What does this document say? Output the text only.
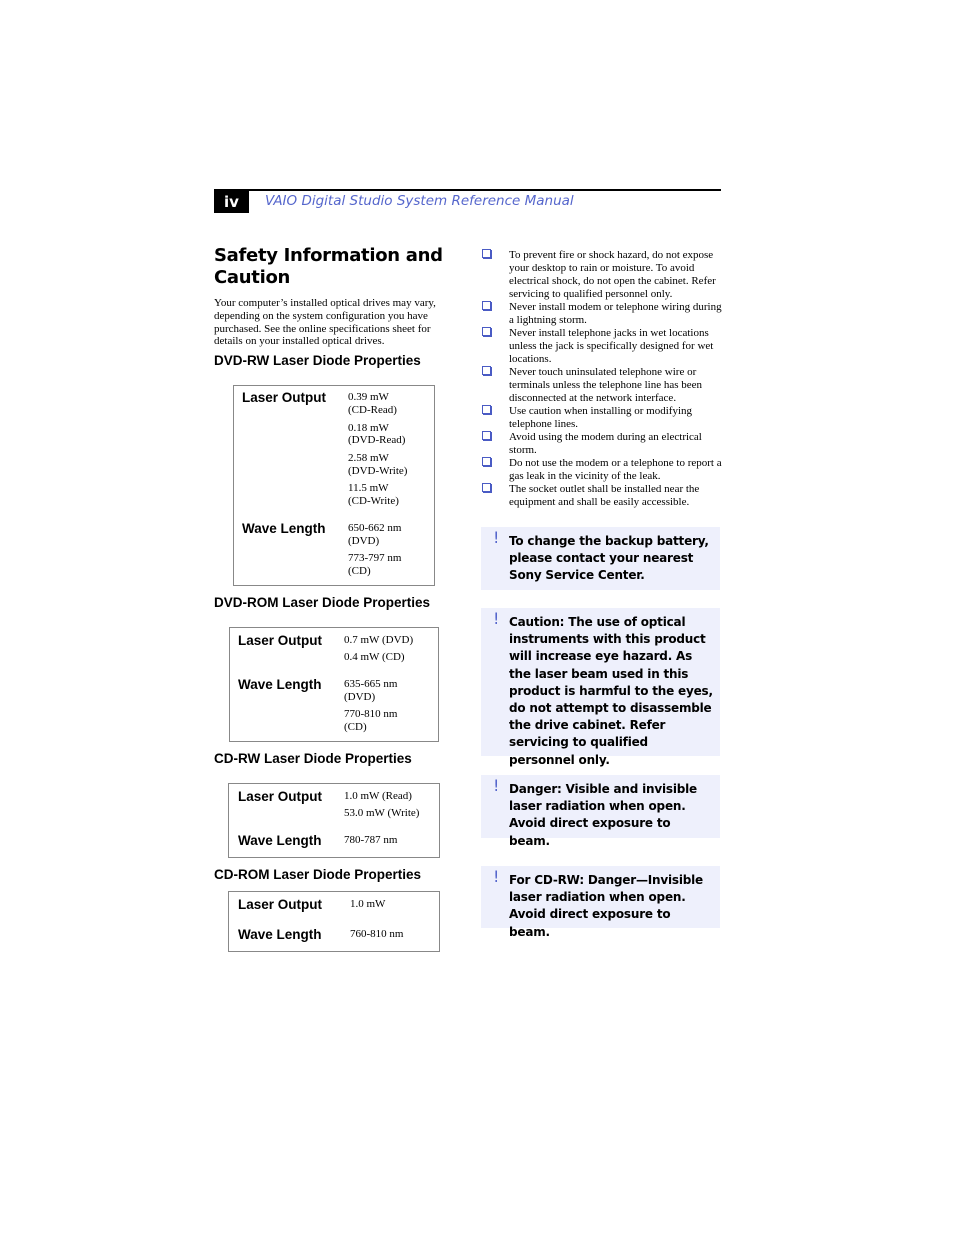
iv	VAIO Digital Studio System Reference Manual
Safety Information and Caution
Your computer’s installed optical drives may vary, depending on the system configuration you have purchased. See the online specifications sheet for details on your installed optical drives.
DVD-RW Laser Diode Properties
Laser Output 0.39 mW
(CD-Read)
0.18 mW
(DVD-Read)
2.58 mW
(DVD-Write)
11.5 mW
(CD-Write)
Wave Length 650-662 nm
(DVD)
773-797 nm
(CD)
DVD-ROM Laser Diode Properties
Laser Output 0.7 mW (DVD)
0.4 mW (CD)
Wave Length 635-665 nm
(DVD)
770-810 nm
(CD)
CD-RW Laser Diode Properties
Laser Output 1.0 mW (Read)
53.0 mW (Write)
Wave Length 780-787 nm
CD-ROM Laser Diode Properties
Laser Output	1.0 mW
Wave Length	760-810 nm
To prevent fire or shock hazard, do not expose your desktop to rain or moisture. To avoid electrical shock, do not open the cabinet. Refer servicing to qualified personnel only.
Never install modem or telephone wiring during a lightning storm.
Never install telephone jacks in wet locations unless the jack is specifically designed for wet locations.
Never touch uninsulated telephone wire or terminals unless the telephone line has been disconnected at the network interface.
Use caution when installing or modifying telephone lines.
Avoid using the modem during an electrical storm.
Do not use the modem or a telephone to report a gas leak in the vicinity of the leak.
The socket outlet shall be installed near the equipment and shall be easily accessible.
! To change the backup battery, please contact your nearest Sony Service Center.
! Caution: The use of optical instruments with this product will increase eye hazard. As the laser beam used in this product is harmful to the eyes, do not attempt to disassemble the drive cabinet. Refer servicing to qualified personnel only.
! Danger: Visible and invisible laser radiation when open. Avoid direct exposure to beam.
! For CD-RW: Danger—Invisible laser radiation when open. Avoid direct exposure to beam.
